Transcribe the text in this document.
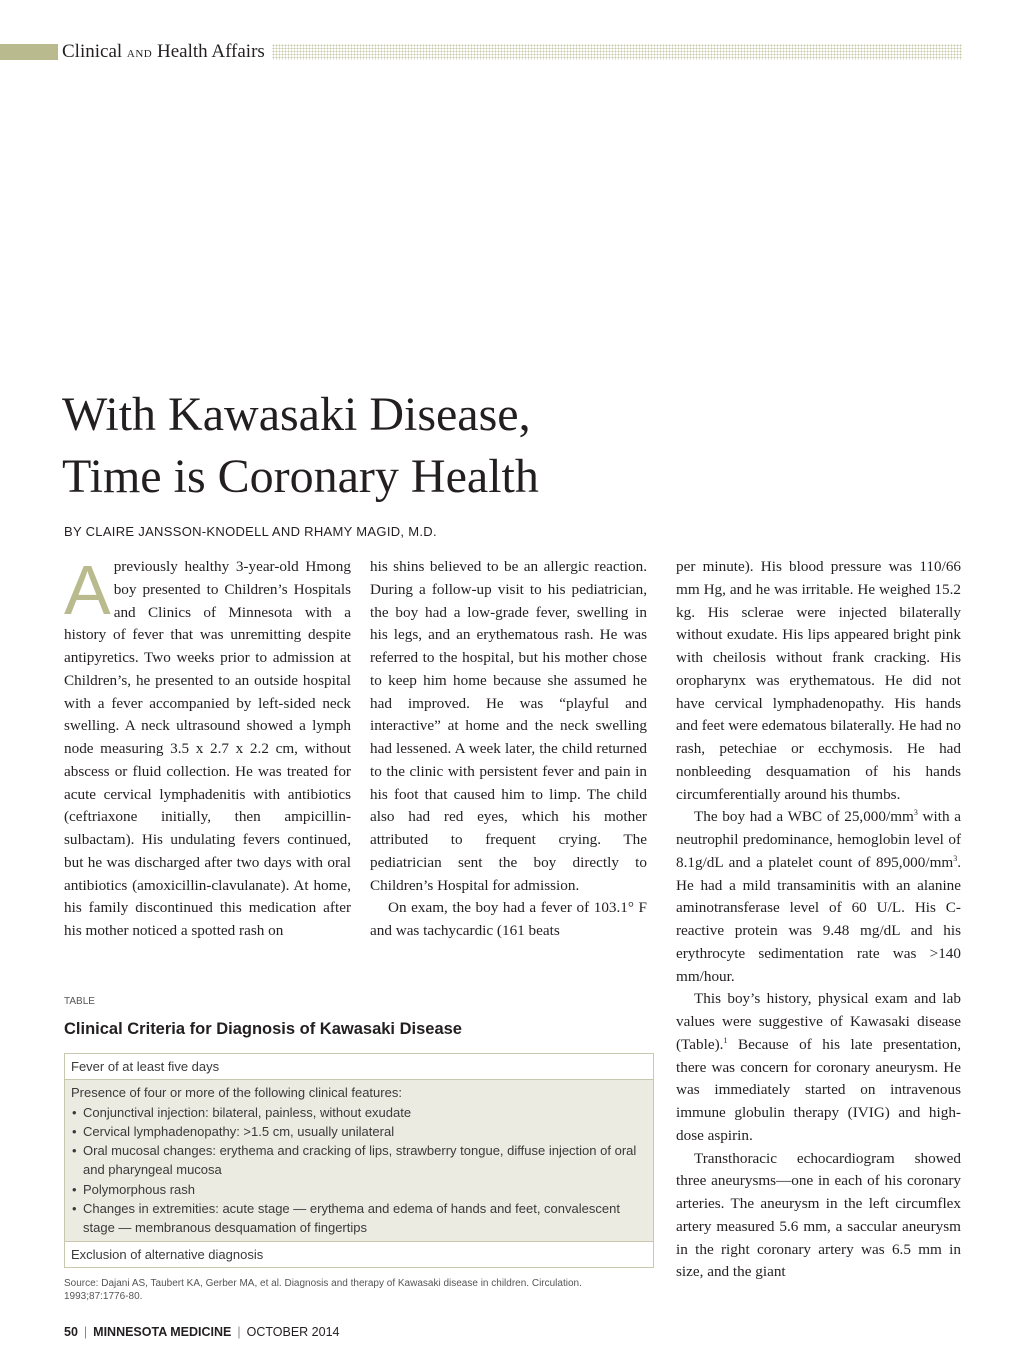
Clinical AND Health Affairs
With Kawasaki Disease,
Time is Coronary Health
BY CLAIRE JANSSON-KNODELL AND RHAMY MAGID, M.D.

Apreviously healthy 3-year-old Hmong boy presented to Children’s Hospitals and Clinics of Minnesota with a history of fever that was unremitting despite antipyretics. Two weeks prior to admission at Children’s, he presented to an outside hospital with a fever accompanied by left-sided neck swelling. A neck ultrasound showed a lymph node measuring 3.5 x 2.7 x 2.2 cm, without abscess or fluid collection. He was treated for acute cervical lymphadenitis with antibiotics (ceftriaxone initially, then ampicillin-sulbactam). His undulating fevers continued, but he was discharged after two days with oral antibiotics (amoxicillin-clavulanate). At home, his family discontinued this medication after his mother noticed a spotted rash on

his shins believed to be an allergic reaction. During a follow-up visit to his pediatrician, the boy had a low-grade fever, swelling in his legs, and an erythematous rash. He was referred to the hospital, but his mother chose to keep him home because she assumed he had improved. He was “playful and interactive” at home and the neck swelling had lessened. A week later, the child returned to the clinic with persistent fever and pain in his foot that caused him to limp. The child also had red eyes, which his mother attributed to frequent crying. The pediatrician sent the boy directly to Children’s Hospital for admission.

On exam, the boy had a fever of 103.1° F and was tachycardic (161 beats

per minute). His blood pressure was 110/66 mm Hg, and he was irritable. He weighed 15.2 kg. His sclerae were injected bilaterally without exudate. His lips appeared bright pink with cheilosis without frank cracking. His oropharynx was erythematous. He did not have cervical lymphadenopathy. His hands and feet were edematous bilaterally. He had no rash, petechiae or ecchymosis. He had nonbleeding desquamation of his hands circumferentially around his thumbs.

The boy had a WBC of $25,000/mm^3$ with a neutrophil predominance, hemoglobin level of 8.1g/dL and a platelet count of $895,000/mm^3$. He had a mild transaminitis with an alanine aminotransferase level of 60 U/L. His C-reactive protein was 9.48 mg/dL and his erythrocyte sedimentation rate was >140 mm/hour.

This boy’s history, physical exam and lab values were suggestive of Kawasaki disease (Table).$^1$ Because of his late presentation, there was concern for coronary aneurysm. He was immediately started on intravenous immune globulin therapy (IVIG) and high-dose aspirin.

Transthoracic echocardiogram showed three aneurysms—one in each of his coronary arteries. The aneurysm in the left circumflex artery measured 5.6 mm, a saccular aneurysm in the right coronary artery was 6.5 mm in size, and the giant

TABLE
Clinical Criteria for Diagnosis of Kawasaki Disease
Fever of at least five days
Presence of four or more of the following clinical features:
• Conjunctival injection: bilateral, painless, without exudate
• Cervical lymphadenopathy: >1.5 cm, usually unilateral
• Oral mucosal changes: erythema and cracking of lips, strawberry tongue, diffuse injection of oral and pharyngeal mucosa
• Polymorphous rash
• Changes in extremities: acute stage — erythema and edema of hands and feet, convalescent stage — membranous desquamation of fingertips
Exclusion of alternative diagnosis
Source: Dajani AS, Taubert KA, Gerber MA, et al. Diagnosis and therapy of Kawasaki disease in children. Circulation. 1993;87:1776-80.
50 | MINNESOTA MEDICINE | OCTOBER 2014
